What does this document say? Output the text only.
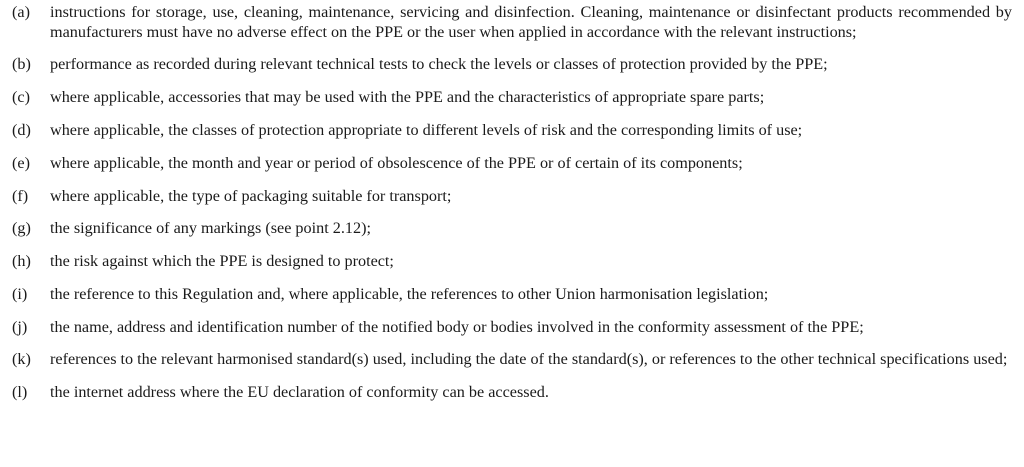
(a)	instructions for storage, use, cleaning, maintenance, servicing and disinfection. Cleaning, maintenance or disinfectant products recommended by manufacturers must have no adverse effect on the PPE or the user when applied in accordance with the relevant instructions;
(b)	performance as recorded during relevant technical tests to check the levels or classes of protection provided by the PPE;
(c)	where applicable, accessories that may be used with the PPE and the characteristics of appropriate spare parts;
(d)	where applicable, the classes of protection appropriate to different levels of risk and the corresponding limits of use;
(e)	where applicable, the month and year or period of obsolescence of the PPE or of certain of its components;
(f)	where applicable, the type of packaging suitable for transport;
(g)	the significance of any markings (see point 2.12);
(h)	the risk against which the PPE is designed to protect;
(i)	the reference to this Regulation and, where applicable, the references to other Union harmonisation legislation;
(j)	the name, address and identification number of the notified body or bodies involved in the conformity assessment of the PPE;
(k)	references to the relevant harmonised standard(s) used, including the date of the standard(s), or references to the other technical specifications used;
(l)	the internet address where the EU declaration of conformity can be accessed.
